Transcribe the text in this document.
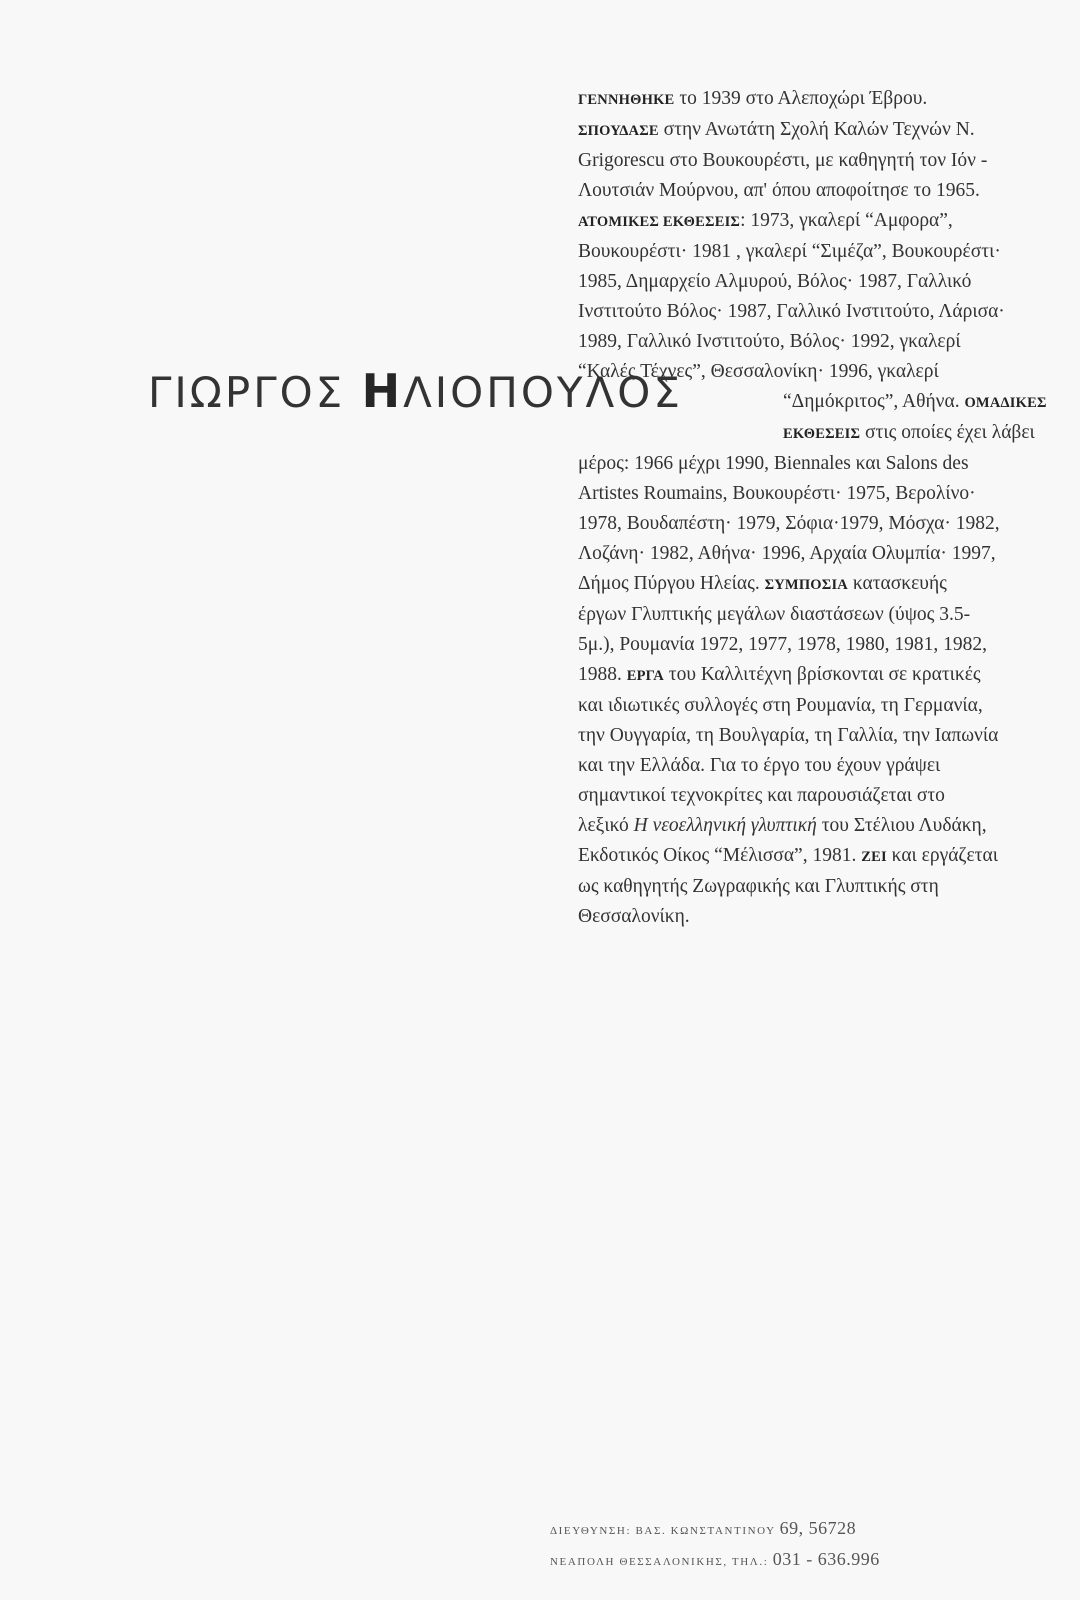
ΓΙΩΡΓΟΣ ΗΛΙΟΠΟΥΛΟΣ

ΓΕΝΝΗΘΗΚΕ το 1939 στο Αλεποχώρι Έβρου.

ΣΠΟΥΔΑΣΕ στην Ανωτάτη Σχολή Καλών Τεχνών N.

Grigorescu στο Βουκουρέστι, με καθηγητή τον Ιόν -

Λουτσιάν Μούρνου, απ' όπου αποφοίτησε το 1965.

ΑΤΟΜΙΚΕΣ ΕΚΘΕΣΕΙΣ: 1973, γκαλερί “Αμφορα”,

Βουκουρέστι· 1981 , γκαλερί “Σιμέζα”, Βουκουρέστι·

1985, Δημαρχείο Αλμυρού, Βόλος· 1987, Γαλλικό

Ινστιτούτο Βόλος· 1987, Γαλλικό Ινστιτούτο, Λάρισα·

1989, Γαλλικό Ινστιτούτο, Βόλος· 1992, γκαλερί

“Καλές Τέχνες”, Θεσσαλονίκη· 1996, γκαλερί

“Δημόκριτος”, Αθήνα. ΟΜΑΔΙΚΕΣ

ΕΚΘΕΣΕΙΣ στις οποίες έχει λάβει

μέρος: 1966 μέχρι 1990, Biennales και Salons des

Artistes Roumains, Βουκουρέστι· 1975, Βερολίνο·

1978, Βουδαπέστη· 1979, Σόφια·1979, Μόσχα· 1982,

Λοζάνη· 1982, Αθήνα· 1996, Αρχαία Ολυμπία· 1997,

Δήμος Πύργου Ηλείας. ΣΥΜΠΟΣΙΑ κατασκευής

έργων Γλυπτικής μεγάλων διαστάσεων (ύψος 3.5-

5μ.), Ρουμανία 1972, 1977, 1978, 1980, 1981, 1982,

1988. ΕΡΓΑ του Καλλιτέχνη βρίσκονται σε κρατικές

και ιδιωτικές συλλογές στη Ρουμανία, τη Γερμανία,

την Ουγγαρία, τη Βουλγαρία, τη Γαλλία, την Ιαπωνία

και την Ελλάδα. Για το έργο του έχουν γράψει

σημαντικοί τεχνοκρίτες και παρουσιάζεται στο

λεξικό Η νεοελληνική γλυπτική του Στέλιου Λυδάκη,

Εκδοτικός Οίκος “Μέλισσα”, 1981. ΖΕΙ και εργάζεται

ως καθηγητής Ζωγραφικής και Γλυπτικής στη

Θεσσαλονίκη.

ΔΙΕΥΘΥΝΣΗ: ΒΑΣ. ΚΩΝΣΤΑΝΤΙΝΟΥ 69, 56728
ΝΕΑΠΟΛΗ ΘΕΣΣΑΛΟΝΙΚΗΣ, ΤΗΛ.: 031 - 636.996
